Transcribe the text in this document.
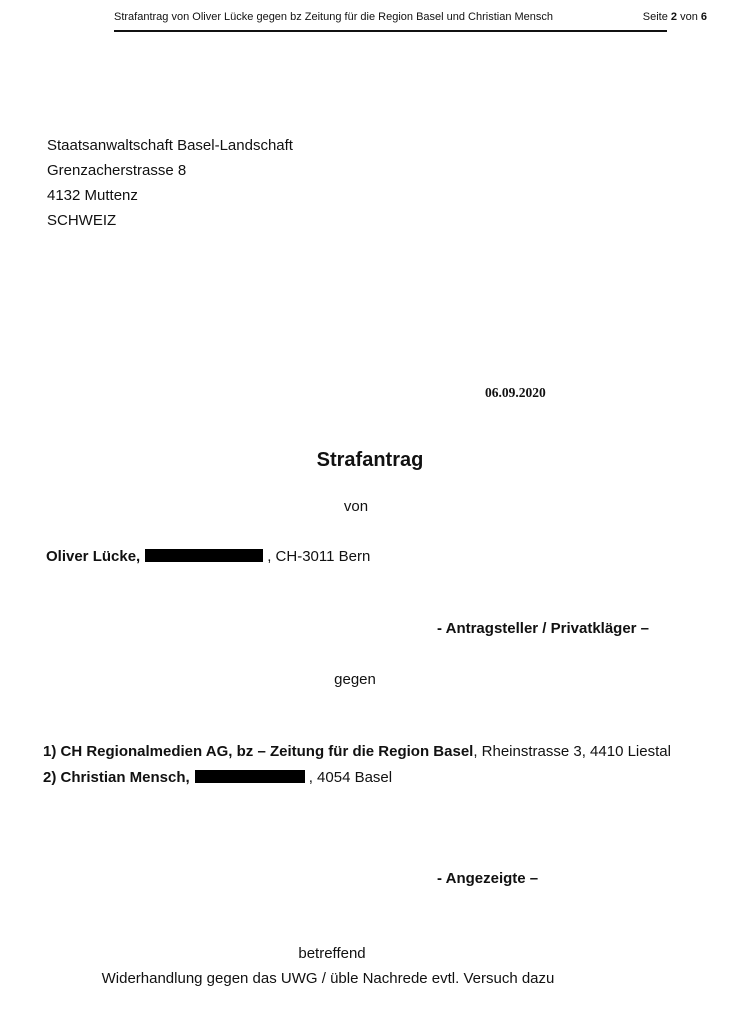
Strafantrag von Oliver Lücke gegen bz Zeitung für die Region Basel und Christian Mensch	Seite 2 von 6
Staatsanwaltschaft Basel-Landschaft
Grenzacherstrasse 8
4132 Muttenz
SCHWEIZ
06.09.2020
Strafantrag
von
Oliver Lücke,	, CH-3011 Bern
- Antragsteller / Privatkläger –
gegen
1) CH Regionalmedien AG, bz – Zeitung für die Region Basel, Rheinstrasse 3, 4410 Liestal
2) Christian Mensch,	, 4054 Basel
- Angezeigte –
betreffend
Widerhandlung gegen das UWG / üble Nachrede evtl. Versuch dazu
